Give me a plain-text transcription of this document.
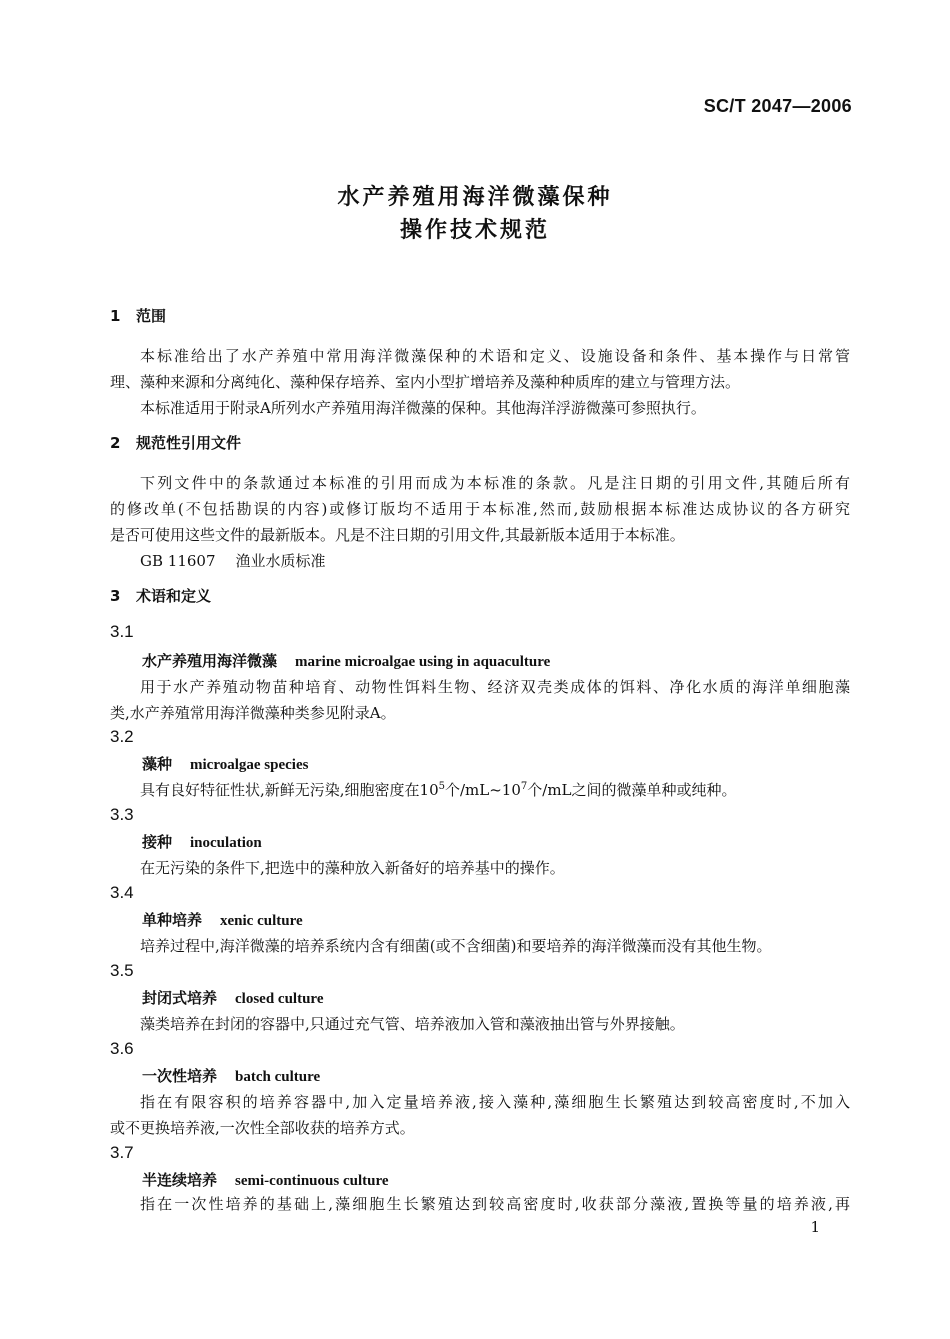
SC/T 2047—2006
水产养殖用海洋微藻保种
操作技术规范
1 范围
本标准给出了水产养殖中常用海洋微藻保种的术语和定义、设施设备和条件、基本操作与日常管
理、藻种来源和分离纯化、藻种保存培养、室内小型扩增培养及藻种种质库的建立与管理方法。
本标准适用于附录A所列水产养殖用海洋微藻的保种。其他海洋浮游微藻可参照执行。
2 规范性引用文件
下列文件中的条款通过本标准的引用而成为本标准的条款。凡是注日期的引用文件,其随后所有
的修改单(不包括勘误的内容)或修订版均不适用于本标准,然而,鼓励根据本标准达成协议的各方研究
是否可使用这些文件的最新版本。凡是不注日期的引用文件,其最新版本适用于本标准。
GB 11607 渔业水质标准
3 术语和定义
3.1
水产养殖用海洋微藻 marine microalgae using in aquaculture
用于水产养殖动物苗种培育、动物性饵料生物、经济双壳类成体的饵料、净化水质的海洋单细胞藻
类,水产养殖常用海洋微藻种类参见附录A。
3.2
藻种 microalgae species
具有良好特征性状,新鲜无污染,细胞密度在$10^5$个$/mL\sim 10^7$个/mL之间的微藻单种或纯种。
3.3
接种 inoculation
在无污染的条件下,把选中的藻种放入新备好的培养基中的操作。
3.4
单种培养 xenic culture
培养过程中,海洋微藻的培养系统内含有细菌(或不含细菌)和要培养的海洋微藻而没有其他生物。
3.5
封闭式培养 closed culture
藻类培养在封闭的容器中,只通过充气管、培养液加入管和藻液抽出管与外界接触。
3.6
一次性培养 batch culture
指在有限容积的培养容器中,加入定量培养液,接入藻种,藻细胞生长繁殖达到较高密度时,不加入
或不更换培养液,一次性全部收获的培养方式。
3.7
半连续培养 semi-continuous culture
指在一次性培养的基础上,藻细胞生长繁殖达到较高密度时,收获部分藻液,置换等量的培养液,再
1
